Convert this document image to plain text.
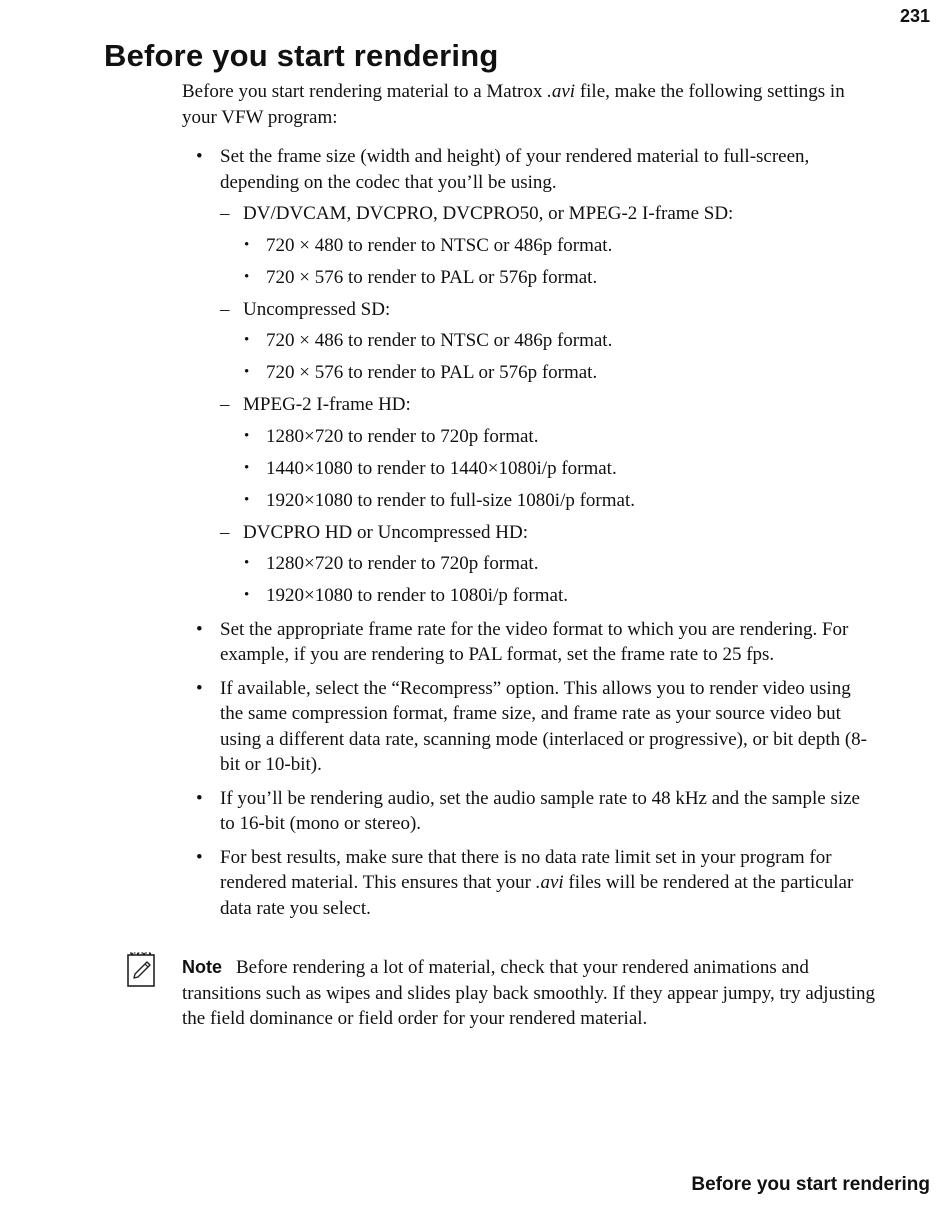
231
Before you start rendering

Before you start rendering material to a Matrox .avi file, make the following settings in your VFW program:

• Set the frame size (width and height) of your rendered material to full-screen, depending on the codec that you’ll be using.
– DV/DVCAM, DVCPRO, DVCPRO50, or MPEG-2 I-frame SD:
• 720 × 480 to render to NTSC or 486p format.
• 720 × 576 to render to PAL or 576p format.
– Uncompressed SD:
• 720 × 486 to render to NTSC or 486p format.
• 720 × 576 to render to PAL or 576p format.
– MPEG-2 I-frame HD:
• 1280×720 to render to 720p format.
• 1440×1080 to render to 1440×1080i/p format.
• 1920×1080 to render to full-size 1080i/p format.
– DVCPRO HD or Uncompressed HD:
• 1280×720 to render to 720p format.
• 1920×1080 to render to 1080i/p format.
• Set the appropriate frame rate for the video format to which you are rendering. For example, if you are rendering to PAL format, set the frame rate to 25 fps.
• If available, select the “Recompress” option. This allows you to render video using the same compression format, frame size, and frame rate as your source video but using a different data rate, scanning mode (interlaced or progressive), or bit depth (8-bit or 10-bit).
• If you’ll be rendering audio, set the audio sample rate to 48 kHz and the sample size to 16-bit (mono or stereo).
• For best results, make sure that there is no data rate limit set in your program for rendered material. This ensures that your .avi files will be rendered at the particular data rate you select.
Note Before rendering a lot of material, check that your rendered animations and transitions such as wipes and slides play back smoothly. If they appear jumpy, try adjusting the field dominance or field order for your rendered material.
Before you start rendering
